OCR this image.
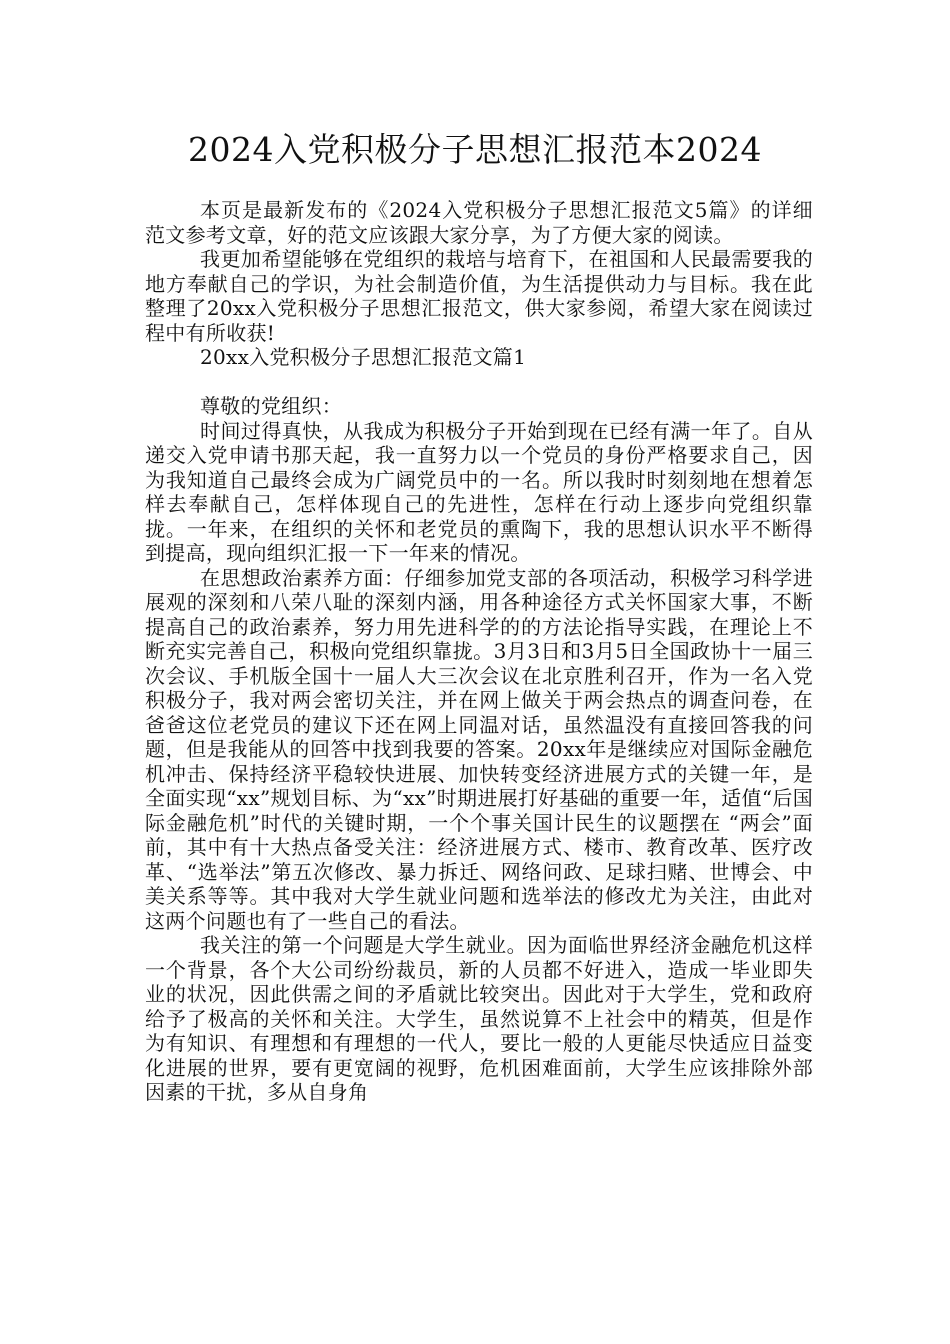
2024入党积极分子思想汇报范本2024

本页是最新发布的《2024入党积极分子思想汇报范文5篇》的详细范文参考文章，好的范文应该跟大家分享，为了方便大家的阅读。

我更加希望能够在党组织的栽培与培育下，在祖国和人民最需要我的地方奉献自己的学识，为社会制造价值，为生活提供动力与目标。我在此整理了20xx入党积极分子思想汇报范文，供大家参阅，希望大家在阅读过程中有所收获!

20xx入党积极分子思想汇报范文篇1

尊敬的党组织：

时间过得真快，从我成为积极分子开始到现在已经有满一年了。自从递交入党申请书那天起，我一直努力以一个党员的身份严格要求自己，因为我知道自己最终会成为广阔党员中的一名。所以我时时刻刻地在想着怎样去奉献自己，怎样体现自己的先进性，怎样在行动上逐步向党组织靠拢。一年来，在组织的关怀和老党员的熏陶下，我的思想认识水平不断得到提高，现向组织汇报一下一年来的情况。

在思想政治素养方面：仔细参加党支部的各项活动，积极学习科学进展观的深刻和八荣八耻的深刻内涵，用各种途径方式关怀国家大事，不断提高自己的政治素养，努力用先进科学的的方法论指导实践，在理论上不断充实完善自己，积极向党组织靠拢。3月3日和3月5日全国政协十一届三次会议、手机版全国十一届人大三次会议在北京胜利召开，作为一名入党积极分子，我对两会密切关注，并在网上做关于两会热点的调查问卷，在爸爸这位老党员的建议下还在网上同温对话，虽然温没有直接回答我的问题，但是我能从的回答中找到我要的答案。20xx年是继续应对国际金融危机冲击、保持经济平稳较快进展、加快转变经济进展方式的关键一年，是全面实现“xx”规划目标、为“xx”时期进展打好基础的重要一年，适值“后国际金融危机”时代的关键时期，一个个事关国计民生的议题摆在 “两会”面前，其中有十大热点备受关注：经济进展方式、楼市、教育改革、医疗改革、“选举法”第五次修改、暴力拆迁、网络问政、足球扫赌、世博会、中美关系等等。其中我对大学生就业问题和选举法的修改尤为关注，由此对这两个问题也有了一些自己的看法。

我关注的第一个问题是大学生就业。因为面临世界经济金融危机这样一个背景，各个大公司纷纷裁员，新的人员都不好进入，造成一毕业即失业的状况，因此供需之间的矛盾就比较突出。因此对于大学生，党和政府给予了极高的关怀和关注。大学生，虽然说算不上社会中的精英，但是作为有知识、有理想和有理想的一代人，要比一般的人更能尽快适应日益变化进展的世界，要有更宽阔的视野，危机困难面前，大学生应该排除外部因素的干扰，多从自身角
